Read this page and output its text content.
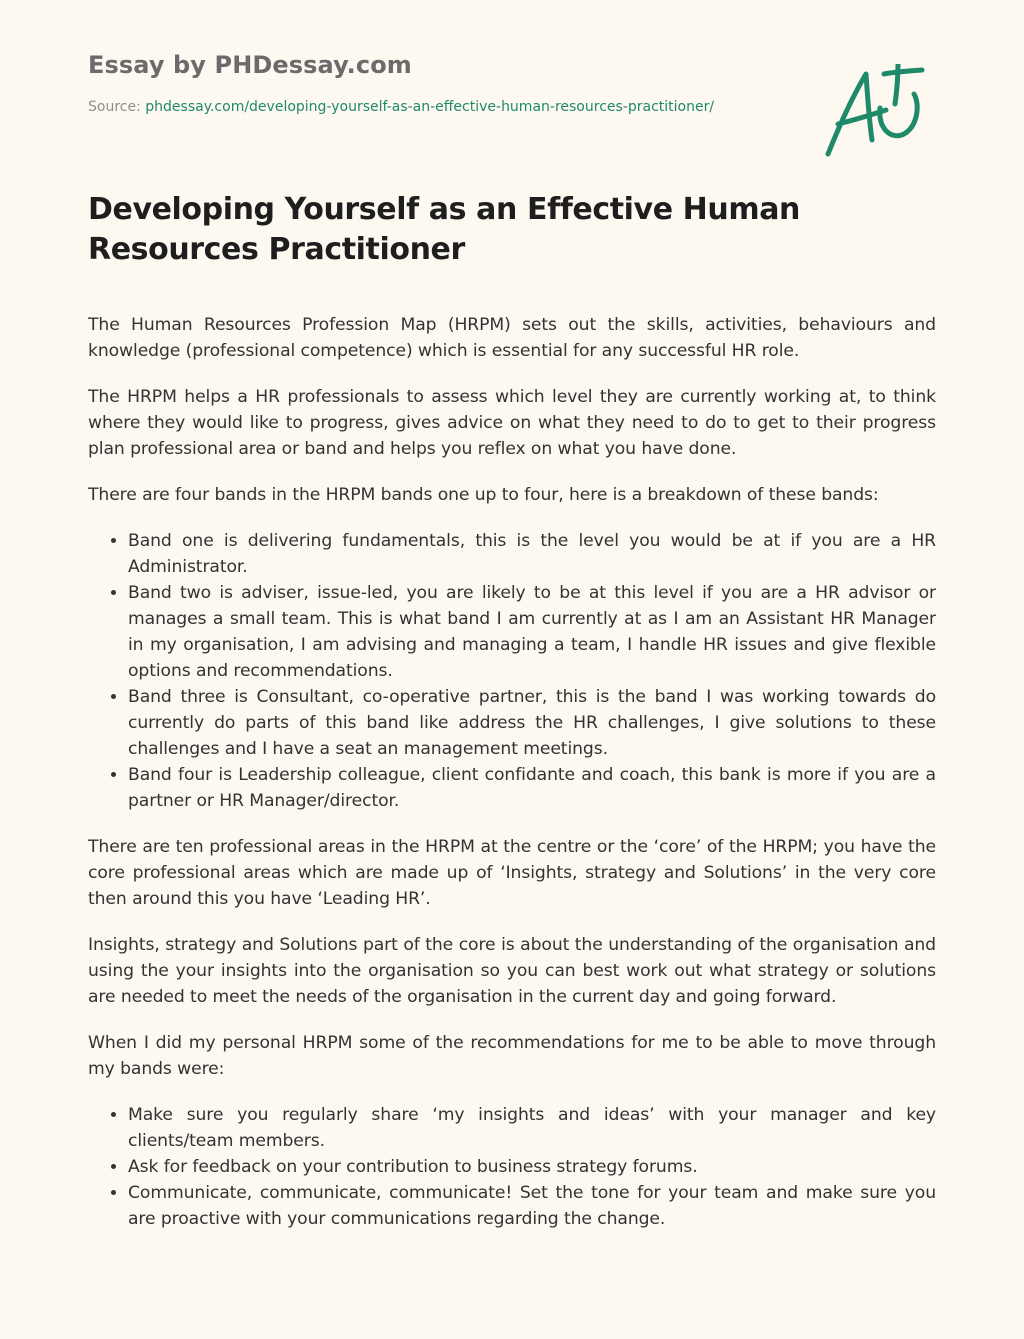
Essay by PHDessay.com
Source: phdessay.com/developing-yourself-as-an-effective-human-resources-practitioner/
Developing Yourself as an Effective Human Resources Practitioner

The Human Resources Profession Map (HRPM) sets out the skills, activities, behaviours and knowledge (professional competence) which is essential for any successful HR role.

The HRPM helps a HR professionals to assess which level they are currently working at, to think where they would like to progress, gives advice on what they need to do to get to their progress plan professional area or band and helps you reflex on what you have done.

There are four bands in the HRPM bands one up to four, here is a breakdown of these bands:

• Band one is delivering fundamentals, this is the level you would be at if you are a HR Administrator.
• Band two is adviser, issue-led, you are likely to be at this level if you are a HR advisor or manages a small team. This is what band I am currently at as I am an Assistant HR Manager in my organisation, I am advising and managing a team, I handle HR issues and give flexible options and recommendations.
• Band three is Consultant, co-operative partner, this is the band I was working towards do currently do parts of this band like address the HR challenges, I give solutions to these challenges and I have a seat an management meetings.
• Band four is Leadership colleague, client confidante and coach, this bank is more if you are a partner or HR Manager/director.

There are ten professional areas in the HRPM at the centre or the ‘core’ of the HRPM; you have the core professional areas which are made up of ‘Insights, strategy and Solutions’ in the very core then around this you have ‘Leading HR’.

Insights, strategy and Solutions part of the core is about the understanding of the organisation and using the your insights into the organisation so you can best work out what strategy or solutions are needed to meet the needs of the organisation in the current day and going forward.

When I did my personal HRPM some of the recommendations for me to be able to move through my bands were:

• Make sure you regularly share ‘my insights and ideas’ with your manager and key clients/team members.
• Ask for feedback on your contribution to business strategy forums.
• Communicate, communicate, communicate! Set the tone for your team and make sure you are proactive with your communications regarding the change.
